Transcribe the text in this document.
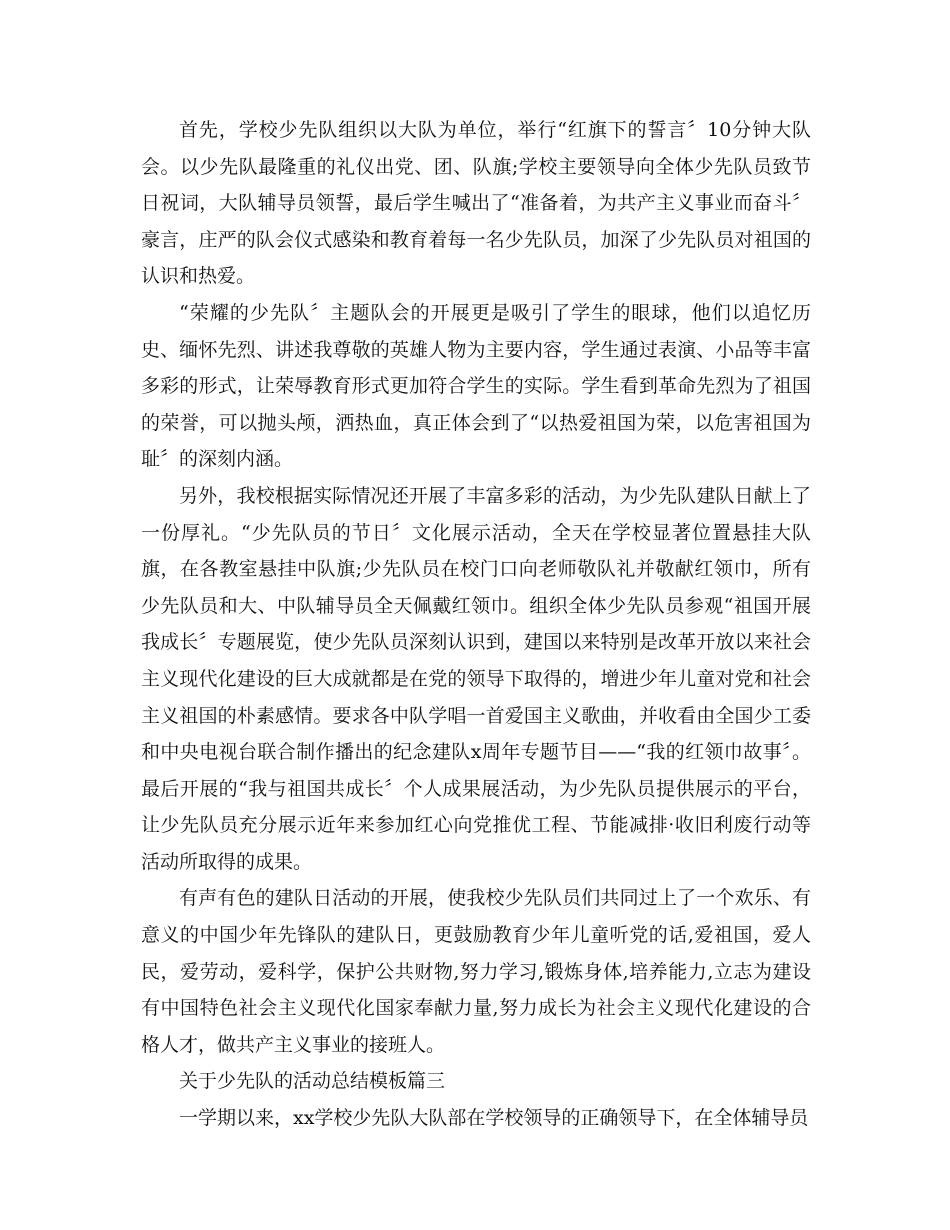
首先，学校少先队组织以大队为单位，举行“红旗下的誓言〞10分钟大队会。以少先队最隆重的礼仪出党、团、队旗;学校主要领导向全体少先队员致节日祝词，大队辅导员领誓，最后学生喊出了“准备着，为共产主义事业而奋斗〞豪言，庄严的队会仪式感染和教育着每一名少先队员，加深了少先队员对祖国的认识和热爱。

“荣耀的少先队〞主题队会的开展更是吸引了学生的眼球，他们以追忆历史、缅怀先烈、讲述我尊敬的英雄人物为主要内容，学生通过表演、小品等丰富多彩的形式，让荣辱教育形式更加符合学生的实际。学生看到革命先烈为了祖国的荣誉，可以抛头颅，洒热血，真正体会到了“以热爱祖国为荣，以危害祖国为耻〞的深刻内涵。

另外，我校根据实际情况还开展了丰富多彩的活动，为少先队建队日献上了一份厚礼。“少先队员的节日〞文化展示活动，全天在学校显著位置悬挂大队旗，在各教室悬挂中队旗;少先队员在校门口向老师敬队礼并敬献红领巾，所有少先队员和大、中队辅导员全天佩戴红领巾。组织全体少先队员参观“祖国开展我成长〞专题展览，使少先队员深刻认识到，建国以来特别是改革开放以来社会主义现代化建设的巨大成就都是在党的领导下取得的，增进少年儿童对党和社会主义祖国的朴素感情。要求各中队学唱一首爱国主义歌曲，并收看由全国少工委和中央电视台联合制作播出的纪念建队x周年专题节目——“我的红领巾故事〞。最后开展的“我与祖国共成长〞个人成果展活动，为少先队员提供展示的平台，让少先队员充分展示近年来参加红心向党推优工程、节能减排·收旧利废行动等活动所取得的成果。

有声有色的建队日活动的开展，使我校少先队员们共同过上了一个欢乐、有意义的中国少年先锋队的建队日，更鼓励教育少年儿童听党的话,爱祖国，爱人民，爱劳动，爱科学，保护公共财物,努力学习,锻炼身体,培养能力,立志为建设有中国特色社会主义现代化国家奉献力量,努力成长为社会主义现代化建设的合格人才，做共产主义事业的接班人。

关于少先队的活动总结模板篇三

一学期以来，xx学校少先队大队部在学校领导的正确领导下，在全体辅导员
